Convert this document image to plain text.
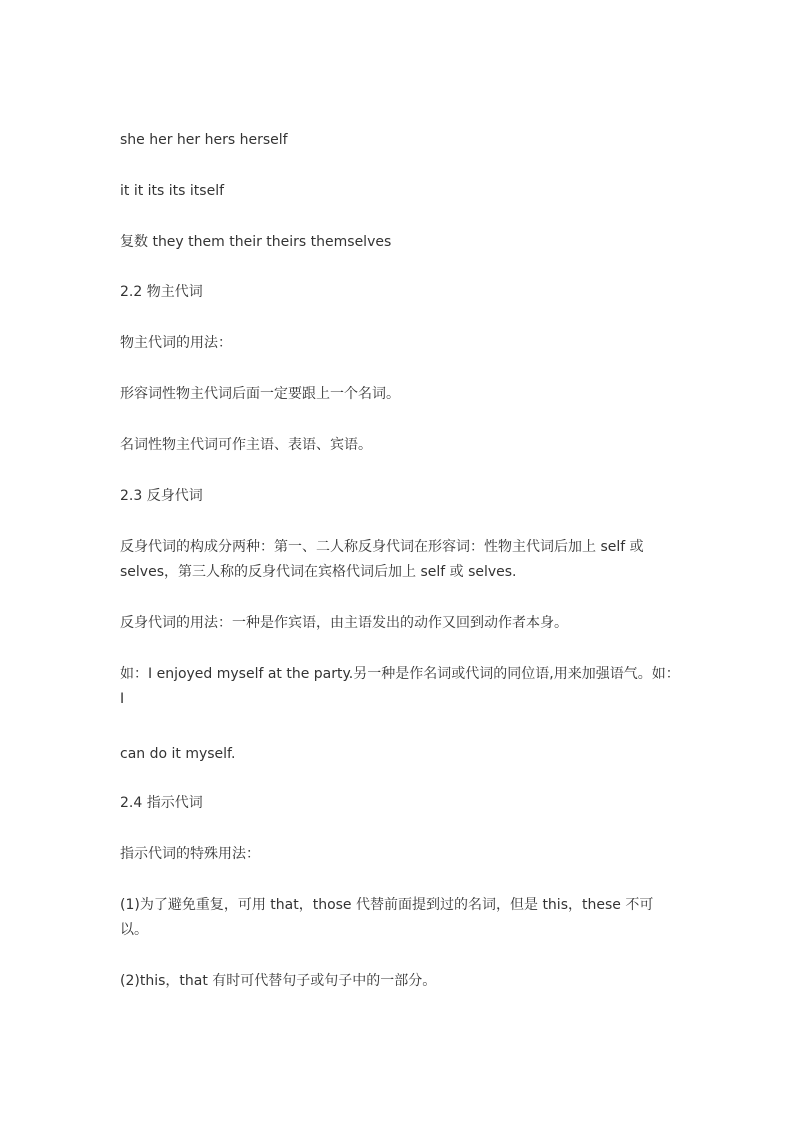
she her her hers herself

it it its its itself

复数 they them their theirs themselves

2.2 物主代词

物主代词的用法：

形容词性物主代词后面一定要跟上一个名词。

名词性物主代词可作主语、表语、宾语。

2.3 反身代词

反身代词的构成分两种：第一、二人称反身代词在形容词：性物主代词后加上 self 或 selves，第三人称的反身代词在宾格代词后加上 self 或 selves.

反身代词的用法：一种是作宾语，由主语发出的动作又回到动作者本身。

如：I enjoyed myself at the party.另一种是作名词或代词的同位语,用来加强语气。如：I

can do it myself.

2.4 指示代词

指示代词的特殊用法：

(1)为了避免重复，可用 that，those 代替前面提到过的名词，但是 this，these 不可以。

(2)this，that 有时可代替句子或句子中的一部分。
